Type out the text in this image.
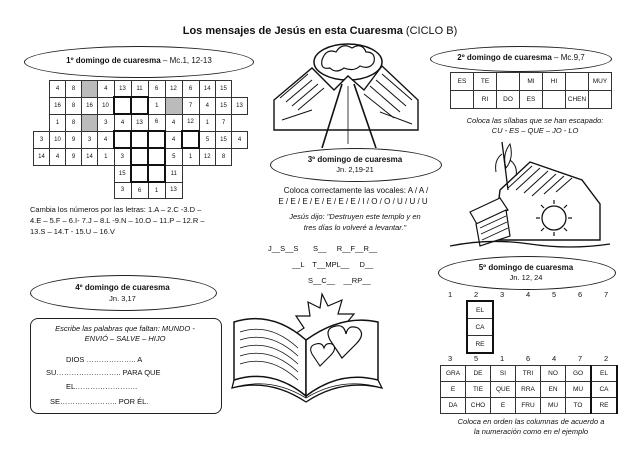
Los mensajes de Jesús en esta Cuaresma (CICLO B)
1º domingo de cuaresma – Mc.1, 12-13
	4	8		4	13	11	6	12	6	14	15	
	16	8	16	10			1		7	4	15	13
	1	8		3	4	13	6	4	12	1	7	
3	10	9	3	4				4		5	15	4
14	4	9	14	1	3			5	1	12	8	
					15			11				
					3	6	1	13				
Cambia los números por las letras: 1.A – 2.C -3.D –
4.E – 5.F – 6.I- 7.J – 8.L -9.N – 10.O – 11.P – 12.R –
13.S – 14.T - 15.U – 16.V
2º domingo de cuaresma – Mc.9,7
ES	TE		MI	HI		MUY
	RI	DO	ES		CHEN	
Coloca las sílabas que se han escapado:
CU - ES – QUE – JO - LO
3º domingo de cuaresma
Jn. 2,19-21
Coloca correctamente las vocales: A / A /
E / E / E / E / E / E / E / I / O / O / U / U / U
Jesús dijo: "Destruyen este templo y en
tres días lo volveré a levantar."
J__S__S       S__     R__F__R__
__L    T__MPL__     D__
S__C__    __RP__
4º domingo de cuaresma
Jn. 3,17
Escribe las palabras que faltan: MUNDO -
ENVIÓ – SALVE – HIJO
DIOS ……………….. A
SU…………………….. PARA QUE
EL…………………….
SE………………….. POR ÉL.
5º domingo de cuaresma
Jn. 12, 24
1	2	3	4	5	6	7
EL
CA
RE
3	5	1	6	4	7	2
GRA	DE	SI	TRI	NO	GO	EL
E	TIE	QUE	RRA	EN	MU	CA
DA	CHO	E	FRU	MU	TO	RE
Coloca en orden las columnas de acuerdo a
la numeración como en el ejemplo
